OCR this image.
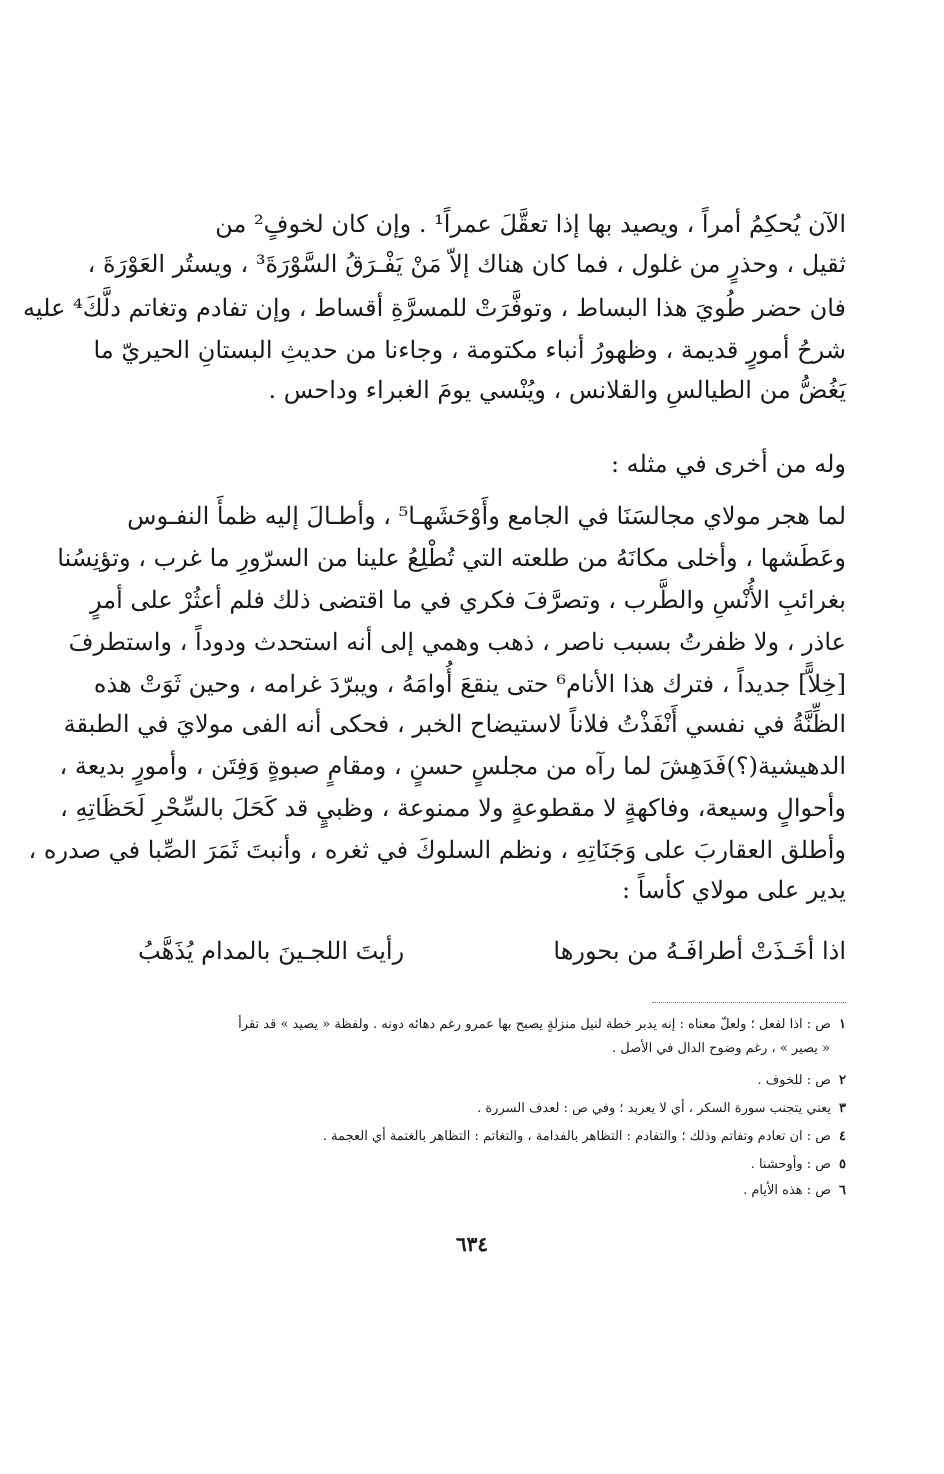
الآن يُحكِمُ أمراً ، ويصيد بها إذا تعقَّلَ عمراً¹ . وإن كان لخوفٍ² من
ثقيل ، وحذرٍ من غلول ، فما كان هناك إلاّ مَنْ يَفْـرَقُ السَّوْرَةَ³ ، ويستُر العَوْرَةَ ،
فان حضر طُويَ هذا البساط ، وتوفَّرَتْ للمسرَّةِ أقساط ، وإن تفادم وتغاتم دلَّكَ⁴ عليه
شرحُ أمورٍ قديمة ، وظهورُ أنباء مكتومة ، وجاءنا من حديثِ البستانِ الحيريّ ما
يَغُضُّ من الطيالسِ والقلانس ، ويُنْسي يومَ الغبراء وداحس .
وله من أخرى في مثله :
لما هجر مولاي مجالسَنَا في الجامع وأَوْحَشَهـا⁵ ، وأطـالَ إليه ظمأَ النفـوس
وعَطَشها ، وأخلى مكانَهُ من طلعته التي تُطْلِعُ علينا من السرّورِ ما غرب ، وتؤنِسُنا
بغرائبِ الأُنْسِ والطَّرب ، وتصرَّفَ فكري في ما اقتضى ذلك فلم أعثُرْ على أمرٍ
عاذر ، ولا ظفرتُ بسبب ناصر ، ذهب وهمي إلى أنه استحدث ودوداً ، واستطرفَ
[خِلاًّ] جديداً ، فترك هذا الأنام⁶ حتى ينقعَ أُوامَهُ ، ويبرّدَ غرامه ، وحين ثَوَتْ هذه
الظِّنَّةُ في نفسي أَنْفَذْتُ فلاناً لاستيضاح الخبر ، فحكى أنه الفى مولايَ في الطبقة
الدهيشية(؟)فَدَهِشَ لما رآه من مجلسٍ حسنٍ ، ومقامٍ صبوةٍ وَفِتَن ، وأمورٍ بديعة ،
وأحوالٍ وسيعة، وفاكهةٍ لا مقطوعةٍ ولا ممنوعة ، وظبيٍ قد كَحَلَ بالسِّحْرِ لَحَظَاتِهِ ،
وأطلق العقاربَ على وَجَنَاتِهِ ، ونظم السلوكَ في ثغره ، وأنبتَ ثَمَرَ الصِّبا في صدره ،
يدير على مولاي كأساً :
اذا أخَـذَتْ أطرافَـهُ من بحورها
رأيتَ اللجـينَ بالمدام يُذَهَّبُ
١ص : اذا لفعل ؛ ولعلّ معناه : إنه يدبر خطة لنيل منزلةٍ يصبح بها عمرو رغم دهائه دونه . ولفظة « يصيد » قد تقرأ
« يصير » ، رغم وضوح الدال في الأصل .
٢ص : للخوف .
٣يعني يتجنب سورة السكر ، أي لا يعربد ؛ وفي ص : لعدف السررة .
٤ص : ان تعادم وتفاتم وذلك ؛ والتفادم : التظاهر بالفدامة ، والتغاتم : التظاهر بالغتمة أي العجمة .
٥ص : وأوحشنا .
٦ص : هذه الأيام .
٦٣٤
